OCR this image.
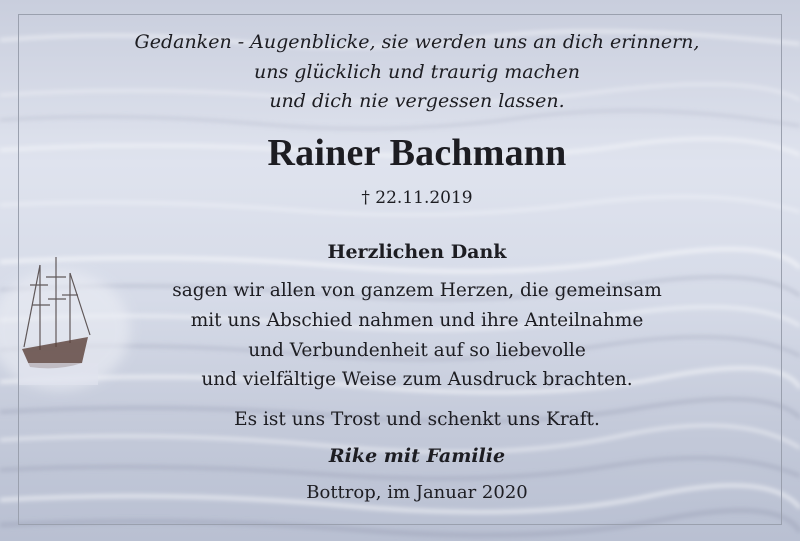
Gedanken - Augenblicke, sie werden uns an dich erinnern,
uns glücklich und traurig machen
und dich nie vergessen lassen.
Rainer Bachmann
† 22.11.2019
Herzlichen Dank
sagen wir allen von ganzem Herzen, die gemeinsam
mit uns Abschied nahmen und ihre Anteilnahme
und Verbundenheit auf so liebevolle
und vielfältige Weise zum Ausdruck brachten.
Es ist uns Trost und schenkt uns Kraft.
Rike mit Familie
Bottrop, im Januar 2020
